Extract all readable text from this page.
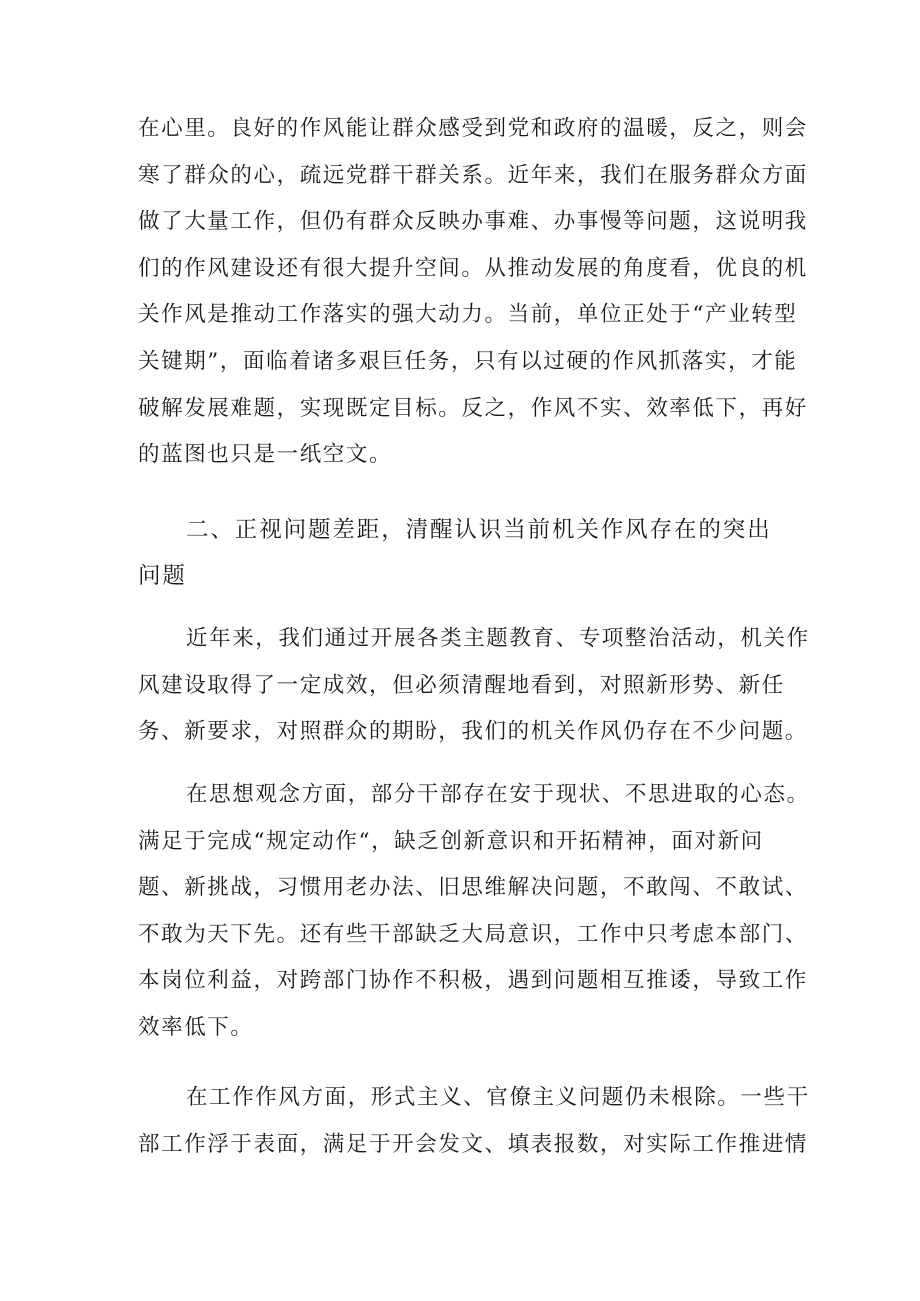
在心里。良好的作风能让群众感受到党和政府的温暖，反之，则会
寒了群众的心，疏远党群干群关系。近年来，我们在服务群众方面
做了大量工作，但仍有群众反映办事难、办事慢等问题，这说明我
们的作风建设还有很大提升空间。从推动发展的角度看，优良的机
关作风是推动工作落实的强大动力。当前，单位正处于“产业转型
关键期”，面临着诸多艰巨任务，只有以过硬的作风抓落实，才能
破解发展难题，实现既定目标。反之，作风不实、效率低下，再好
的蓝图也只是一纸空文。
二、正视问题差距，清醒认识当前机关作风存在的突出
问题
近年来，我们通过开展各类主题教育、专项整治活动，机关作
风建设取得了一定成效，但必须清醒地看到，对照新形势、新任
务、新要求，对照群众的期盼，我们的机关作风仍存在不少问题。
在思想观念方面，部分干部存在安于现状、不思进取的心态。
满足于完成“规定动作“，缺乏创新意识和开拓精神，面对新问
题、新挑战，习惯用老办法、旧思维解决问题，不敢闯、不敢试、
不敢为天下先。还有些干部缺乏大局意识，工作中只考虑本部门、
本岗位利益，对跨部门协作不积极，遇到问题相互推诿，导致工作
效率低下。
在工作作风方面，形式主义、官僚主义问题仍未根除。一些干
部工作浮于表面，满足于开会发文、填表报数，对实际工作推进情
